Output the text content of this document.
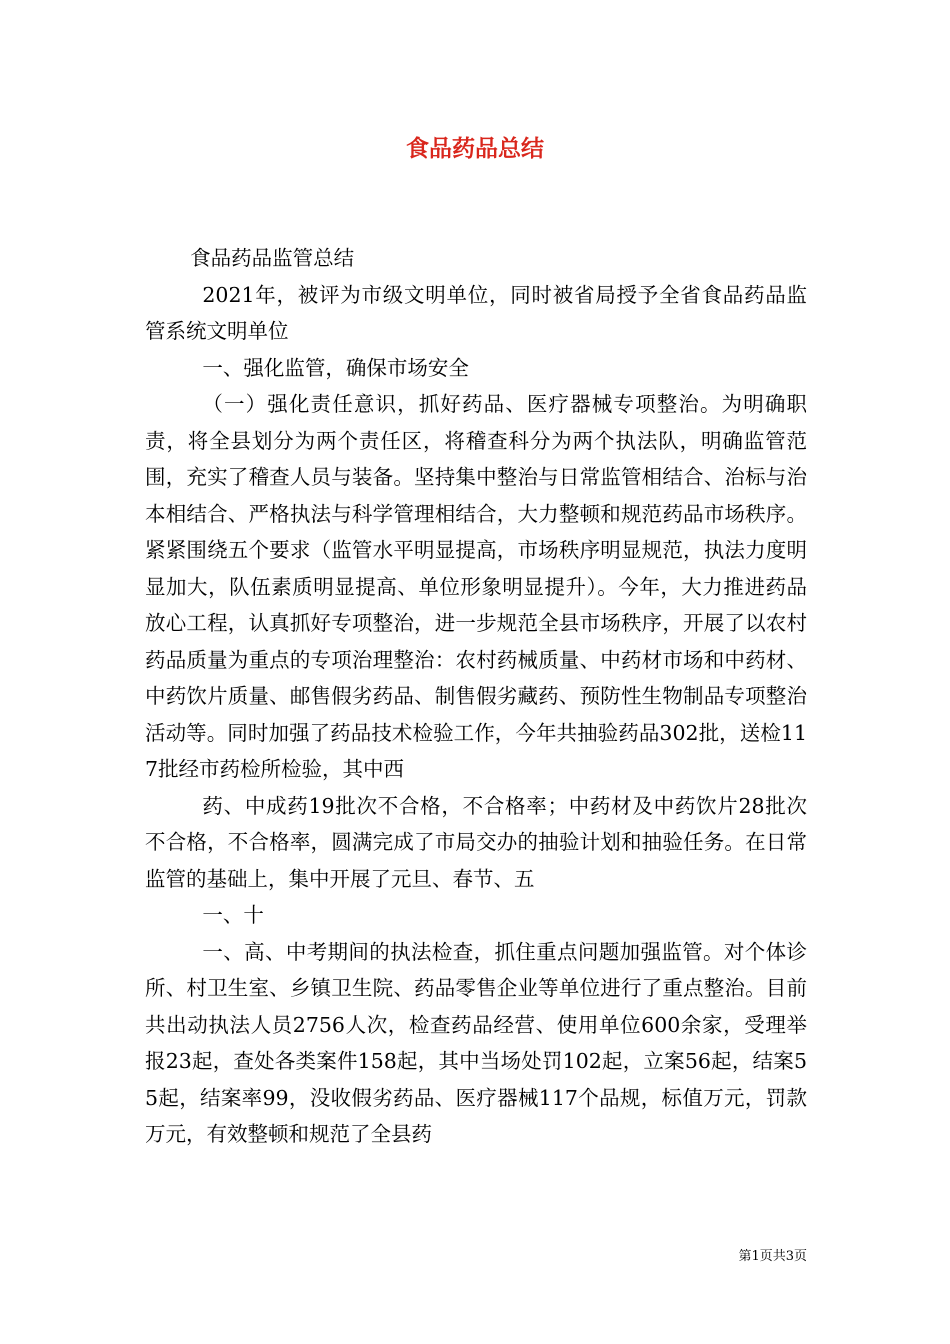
食品药品总结

食品药品监管总结

2021年，被评为市级文明单位，同时被省局授予全省食品药品监管系统文明单位

一、强化监管，确保市场安全

（一）强化责任意识，抓好药品、医疗器械专项整治。为明确职责，将全县划分为两个责任区，将稽查科分为两个执法队，明确监管范围，充实了稽查人员与装备。坚持集中整治与日常监管相结合、治标与治本相结合、严格执法与科学管理相结合，大力整顿和规范药品市场秩序。紧紧围绕五个要求（监管水平明显提高，市场秩序明显规范，执法力度明显加大，队伍素质明显提高、单位形象明显提升）。今年，大力推进药品放心工程，认真抓好专项整治，进一步规范全县市场秩序，开展了以农村药品质量为重点的专项治理整治：农村药械质量、中药材市场和中药材、中药饮片质量、邮售假劣药品、制售假劣藏药、预防性生物制品专项整治活动等。同时加强了药品技术检验工作，今年共抽验药品302批，送检117批经市药检所检验，其中西

药、中成药19批次不合格，不合格率；中药材及中药饮片28批次不合格，不合格率，圆满完成了市局交办的抽验计划和抽验任务。在日常监管的基础上，集中开展了元旦、春节、五

一、十

一、高、中考期间的执法检查，抓住重点问题加强监管。对个体诊所、村卫生室、乡镇卫生院、药品零售企业等单位进行了重点整治。目前共出动执法人员2756人次，检查药品经营、使用单位600余家，受理举报23起，查处各类案件158起，其中当场处罚102起，立案56起，结案55起，结案率99，没收假劣药品、医疗器械117个品规，标值万元，罚款万元，有效整顿和规范了全县药

第1页共3页
